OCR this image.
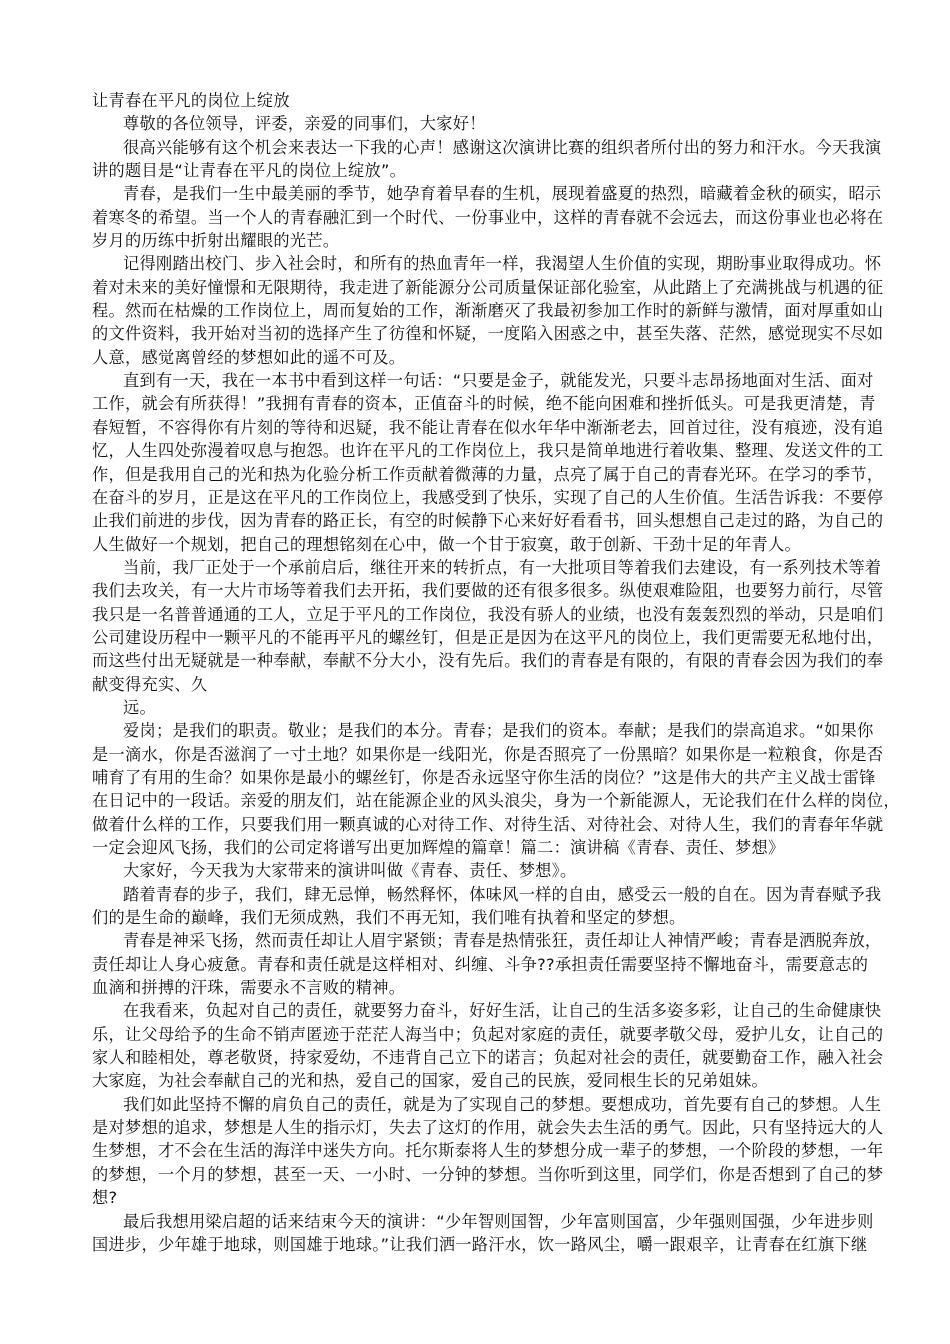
让青春在平凡的岗位上绽放
尊敬的各位领导，评委，亲爱的同事们，大家好！
很高兴能够有这个机会来表达一下我的心声！感谢这次演讲比赛的组织者所付出的努力和汗水。今天我演
讲的题目是“让青春在平凡的岗位上绽放”。
青春，是我们一生中最美丽的季节，她孕育着早春的生机，展现着盛夏的热烈，暗藏着金秋的硕实，昭示
着寒冬的希望。当一个人的青春融汇到一个时代、一份事业中，这样的青春就不会远去，而这份事业也必将在
岁月的历练中折射出耀眼的光芒。
记得刚踏出校门、步入社会时，和所有的热血青年一样，我渴望人生价值的实现，期盼事业取得成功。怀
着对未来的美好憧憬和无限期待，我走进了新能源分公司质量保证部化验室，从此踏上了充满挑战与机遇的征
程。然而在枯燥的工作岗位上，周而复始的工作，渐渐磨灭了我最初参加工作时的新鲜与激情，面对厚重如山
的文件资料，我开始对当初的选择产生了彷徨和怀疑，一度陷入困惑之中，甚至失落、茫然，感觉现实不尽如
人意，感觉离曾经的梦想如此的遥不可及。
直到有一天，我在一本书中看到这样一句话：“只要是金子，就能发光，只要斗志昂扬地面对生活、面对
工作，就会有所获得！”我拥有青春的资本，正值奋斗的时候，绝不能向困难和挫折低头。可是我更清楚，青
春短暂，不容得你有片刻的等待和迟疑，我不能让青春在似水年华中渐渐老去，回首过往，没有痕迹，没有追
忆，人生四处弥漫着叹息与抱怨。也许在平凡的工作岗位上，我只是简单地进行着收集、整理、发送文件的工
作，但是我用自己的光和热为化验分析工作贡献着微薄的力量，点亮了属于自己的青春光环。在学习的季节，
在奋斗的岁月，正是这在平凡的工作岗位上，我感受到了快乐，实现了自己的人生价值。生活告诉我：不要停
止我们前进的步伐，因为青春的路正长，有空的时候静下心来好好看看书，回头想想自己走过的路，为自己的
人生做好一个规划，把自己的理想铭刻在心中，做一个甘于寂寞，敢于创新、干劲十足的年青人。
当前，我厂正处于一个承前启后，继往开来的转折点，有一大批项目等着我们去建设，有一系列技术等着
我们去攻关，有一大片市场等着我们去开拓，我们要做的还有很多很多。纵使艰难险阻，也要努力前行，尽管
我只是一名普普通通的工人，立足于平凡的工作岗位，我没有骄人的业绩，也没有轰轰烈烈的举动，只是咱们
公司建设历程中一颗平凡的不能再平凡的螺丝钉，但是正是因为在这平凡的岗位上，我们更需要无私地付出，
而这些付出无疑就是一种奉献，奉献不分大小，没有先后。我们的青春是有限的，有限的青春会因为我们的奉
献变得充实、久
远。
爱岗；是我们的职责。敬业；是我们的本分。青春；是我们的资本。奉献；是我们的崇高追求。“如果你
是一滴水，你是否滋润了一寸土地？如果你是一线阳光，你是否照亮了一份黑暗？如果你是一粒粮食，你是否
哺育了有用的生命？如果你是最小的螺丝钉，你是否永远坚守你生活的岗位？”这是伟大的共产主义战士雷锋
在日记中的一段话。亲爱的朋友们，站在能源企业的风头浪尖，身为一个新能源人，无论我们在什么样的岗位，
做着什么样的工作，只要我们用一颗真诚的心对待工作、对待生活、对待社会、对待人生，我们的青春年华就
一定会迎风飞扬，我们的公司定将谱写出更加辉煌的篇章！篇二：演讲稿《青春、责任、梦想》
大家好，今天我为大家带来的演讲叫做《青春、责任、梦想》。
踏着青春的步子，我们，肆无忌惮，畅然释怀，体味风一样的自由，感受云一般的自在。因为青春赋予我
们的是生命的巅峰，我们无须成熟，我们不再无知，我们唯有执着和坚定的梦想。
青春是神采飞扬，然而责任却让人眉宇紧锁；青春是热情张狂，责任却让人神情严峻；青春是洒脱奔放，
责任却让人身心疲惫。青春和责任就是这样相对、纠缠、斗争??承担责任需要坚持不懈地奋斗，需要意志的
血滴和拼搏的汗珠，需要永不言败的精神。
在我看来，负起对自己的责任，就要努力奋斗，好好生活，让自己的生活多姿多彩，让自己的生命健康快
乐，让父母给予的生命不销声匿迹于茫茫人海当中；负起对家庭的责任，就要孝敬父母，爱护儿女，让自己的
家人和睦相处，尊老敬贤，持家爱幼，不违背自己立下的诺言；负起对社会的责任，就要勤奋工作，融入社会
大家庭，为社会奉献自己的光和热，爱自己的国家，爱自己的民族，爱同根生长的兄弟姐妹。
我们如此坚持不懈的肩负自己的责任，就是为了实现自己的梦想。要想成功，首先要有自己的梦想。人生
是对梦想的追求，梦想是人生的指示灯，失去了这灯的作用，就会失去生活的勇气。因此，只有坚持远大的人
生梦想，才不会在生活的海洋中迷失方向。托尔斯泰将人生的梦想分成一辈子的梦想，一个阶段的梦想，一年
的梦想，一个月的梦想，甚至一天、一小时、一分钟的梦想。当你听到这里，同学们，你是否想到了自己的梦
想?
最后我想用梁启超的话来结束今天的演讲：“少年智则国智，少年富则国富，少年强则国强，少年进步则
国进步，少年雄于地球，则国雄于地球。”让我们洒一路汗水，饮一路风尘，嚼一跟艰辛，让青春在红旗下继
